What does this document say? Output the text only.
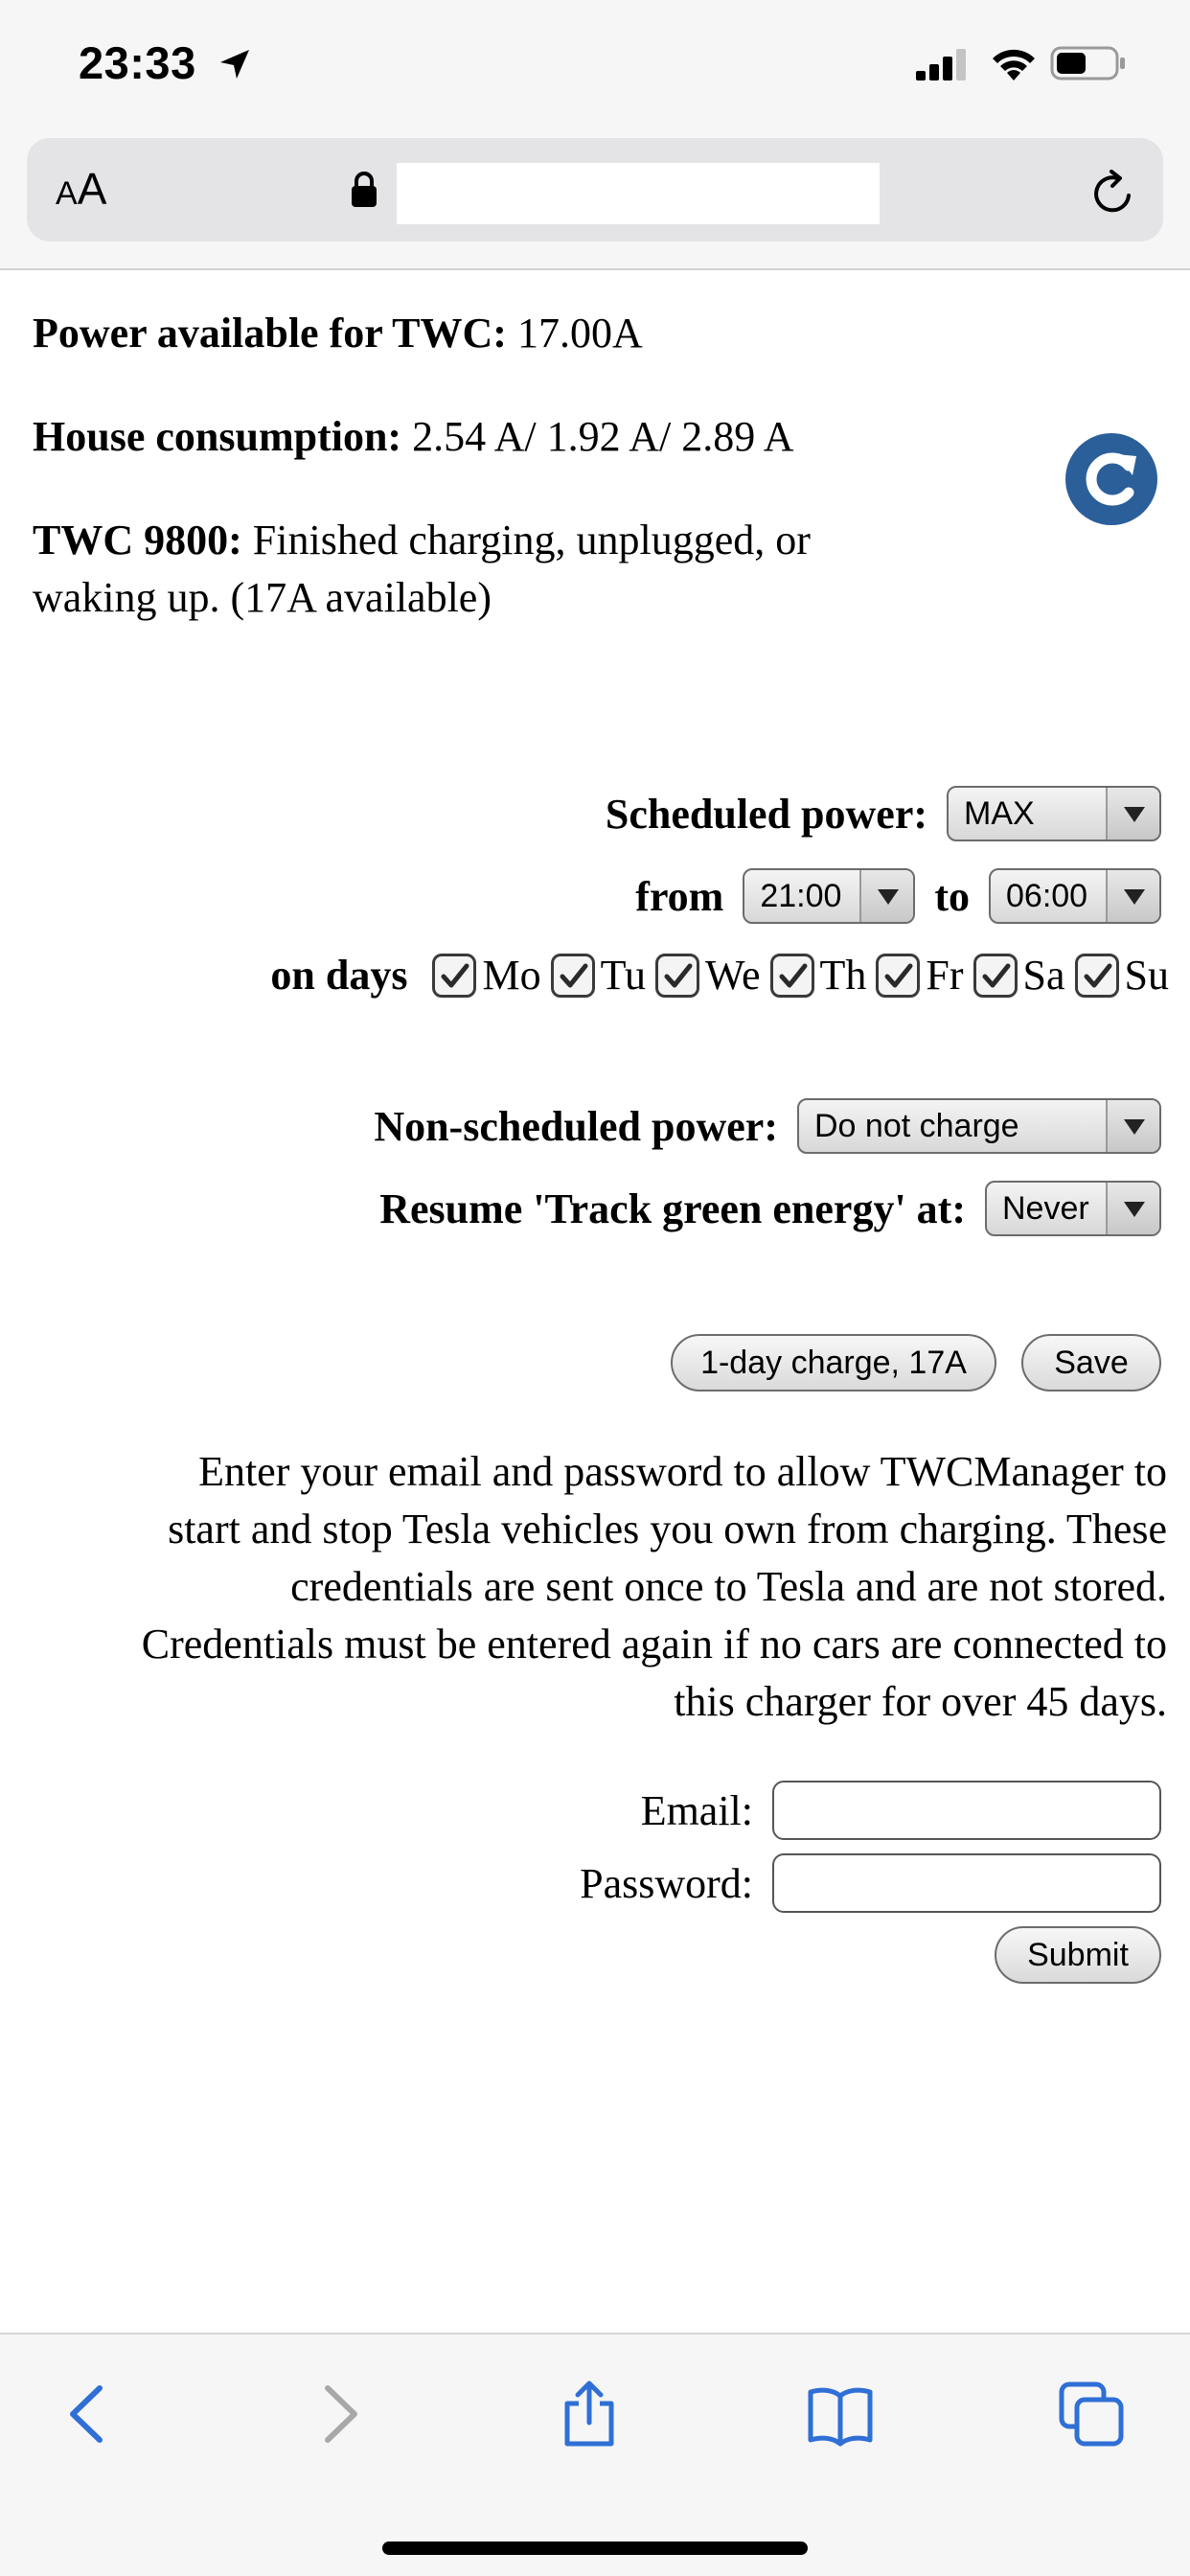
23:33
AA
Power available for TWC: 17.00A
House consumption: 2.54 A/ 1.92 A/ 2.89 A
TWC 9800: Finished charging, unplugged, or
waking up. (17A available)
Scheduled power:	MAX
from	21:00	to	06:00
on days Mo Tu We Th Fr Sa Su
Non-scheduled power:	Do not charge
Resume 'Track green energy' at:	Never
1-day charge, 17A	Save
Enter your email and password to allow TWCManager to
start and stop Tesla vehicles you own from charging. These
credentials are sent once to Tesla and are not stored.
Credentials must be entered again if no cars are connected to
this charger for over 45 days.
Email:
Password:
Submit
